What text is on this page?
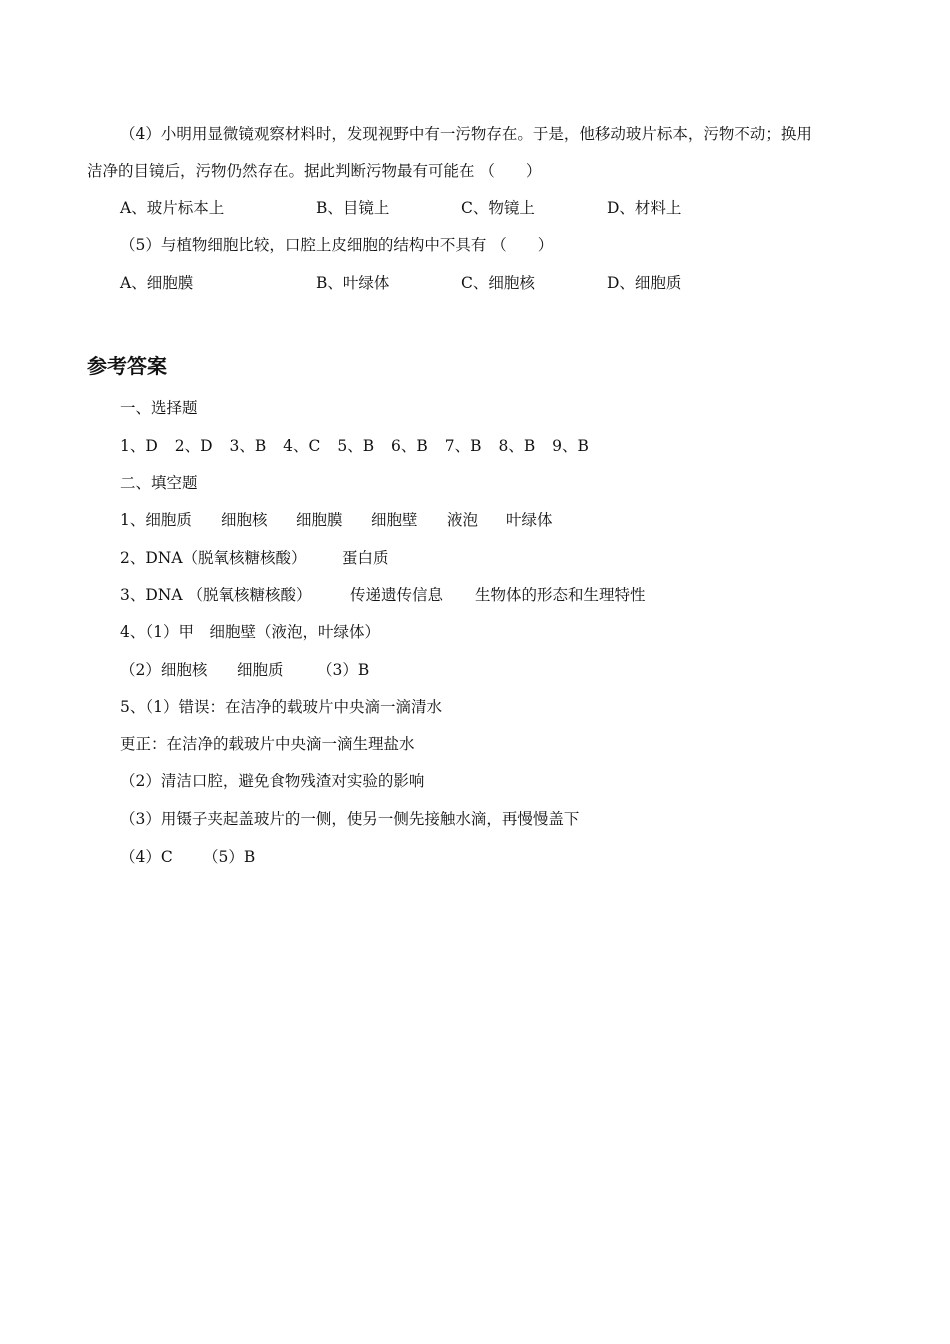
（4）小明用显微镜观察材料时，发现视野中有一污物存在。于是，他移动玻片标本，污物不动；换用
洁净的目镜后，污物仍然存在。据此判断污物最有可能在 （　　）
A、玻片标本上	B、目镜上	C、物镜上	D、材料上
（5）与植物细胞比较，口腔上皮细胞的结构中不具有 （　　）
A、细胞膜	B、叶绿体	C、细胞核	D、细胞质
参考答案
一、选择题
1、D 2、D 3、B 4、C 5、B 6、B 7、B 8、B 9、B
二、填空题
1、细胞质 细胞核 细胞膜 细胞壁 液泡 叶绿体
2、DNA（脱氧核糖核酸） 蛋白质
3、DNA （脱氧核糖核酸） 传递遗传信息 生物体的形态和生理特性
4、（1）甲　细胞壁（液泡，叶绿体）
（2）细胞核 细胞质 （3）B
5、（1）错误：在洁净的载玻片中央滴一滴清水
更正：在洁净的载玻片中央滴一滴生理盐水
（2）清洁口腔，避免食物残渣对实验的影响
（3）用镊子夹起盖玻片的一侧，使另一侧先接触水滴，再慢慢盖下
（4）C （5）B
